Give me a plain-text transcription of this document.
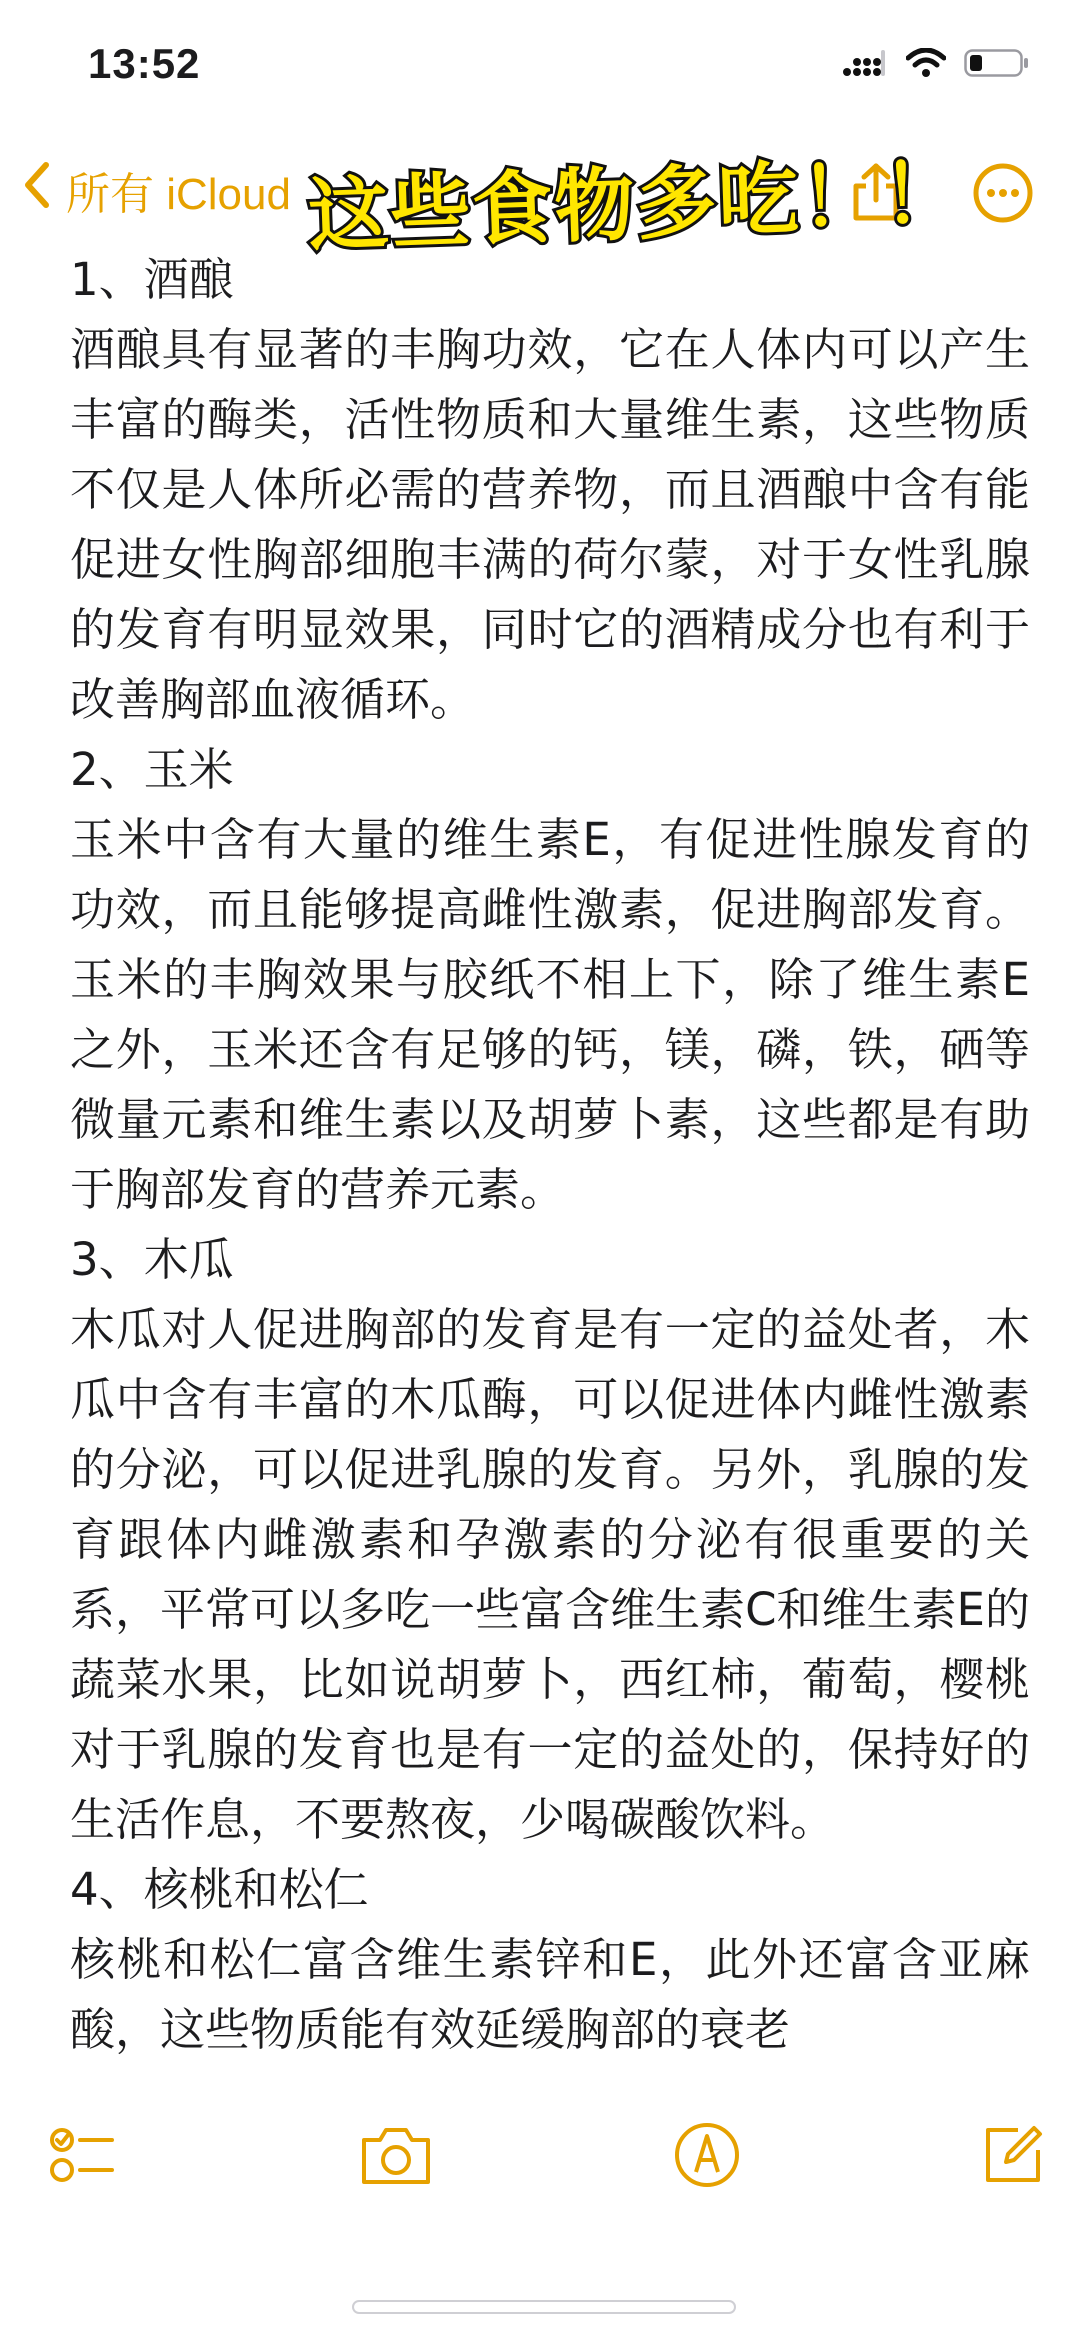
13:52
所有 iCloud 这些食物多吃！！

1、酒酿

酒酿具有显著的丰胸功效，它在人体内可以产生丰富的酶类，活性物质和大量维生素，这些物质不仅是人体所必需的营养物，而且酒酿中含有能促进女性胸部细胞丰满的荷尔蒙，对于女性乳腺的发育有明显效果，同时它的酒精成分也有利于改善胸部血液循环。

2、玉米

玉米中含有大量的维生素E，有促进性腺发育的功效，而且能够提高雌性激素，促进胸部发育。玉米的丰胸效果与胶纸不相上下，除了维生素E之外，玉米还含有足够的钙，镁，磷，铁，硒等微量元素和维生素以及胡萝卜素，这些都是有助于胸部发育的营养元素。

3、木瓜

木瓜对人促进胸部的发育是有一定的益处者，木瓜中含有丰富的木瓜酶，可以促进体内雌性激素的分泌，可以促进乳腺的发育。另外，乳腺的发育跟体内雌激素和孕激素的分泌有很重要的关系，平常可以多吃一些富含维生素C和维生素E的蔬菜水果，比如说胡萝卜，西红柿，葡萄，樱桃对于乳腺的发育也是有一定的益处的，保持好的生活作息，不要熬夜，少喝碳酸饮料。

4、核桃和松仁

核桃和松仁富含维生素锌和E，此外还富含亚麻酸，这些物质能有效延缓胸部的衰老
